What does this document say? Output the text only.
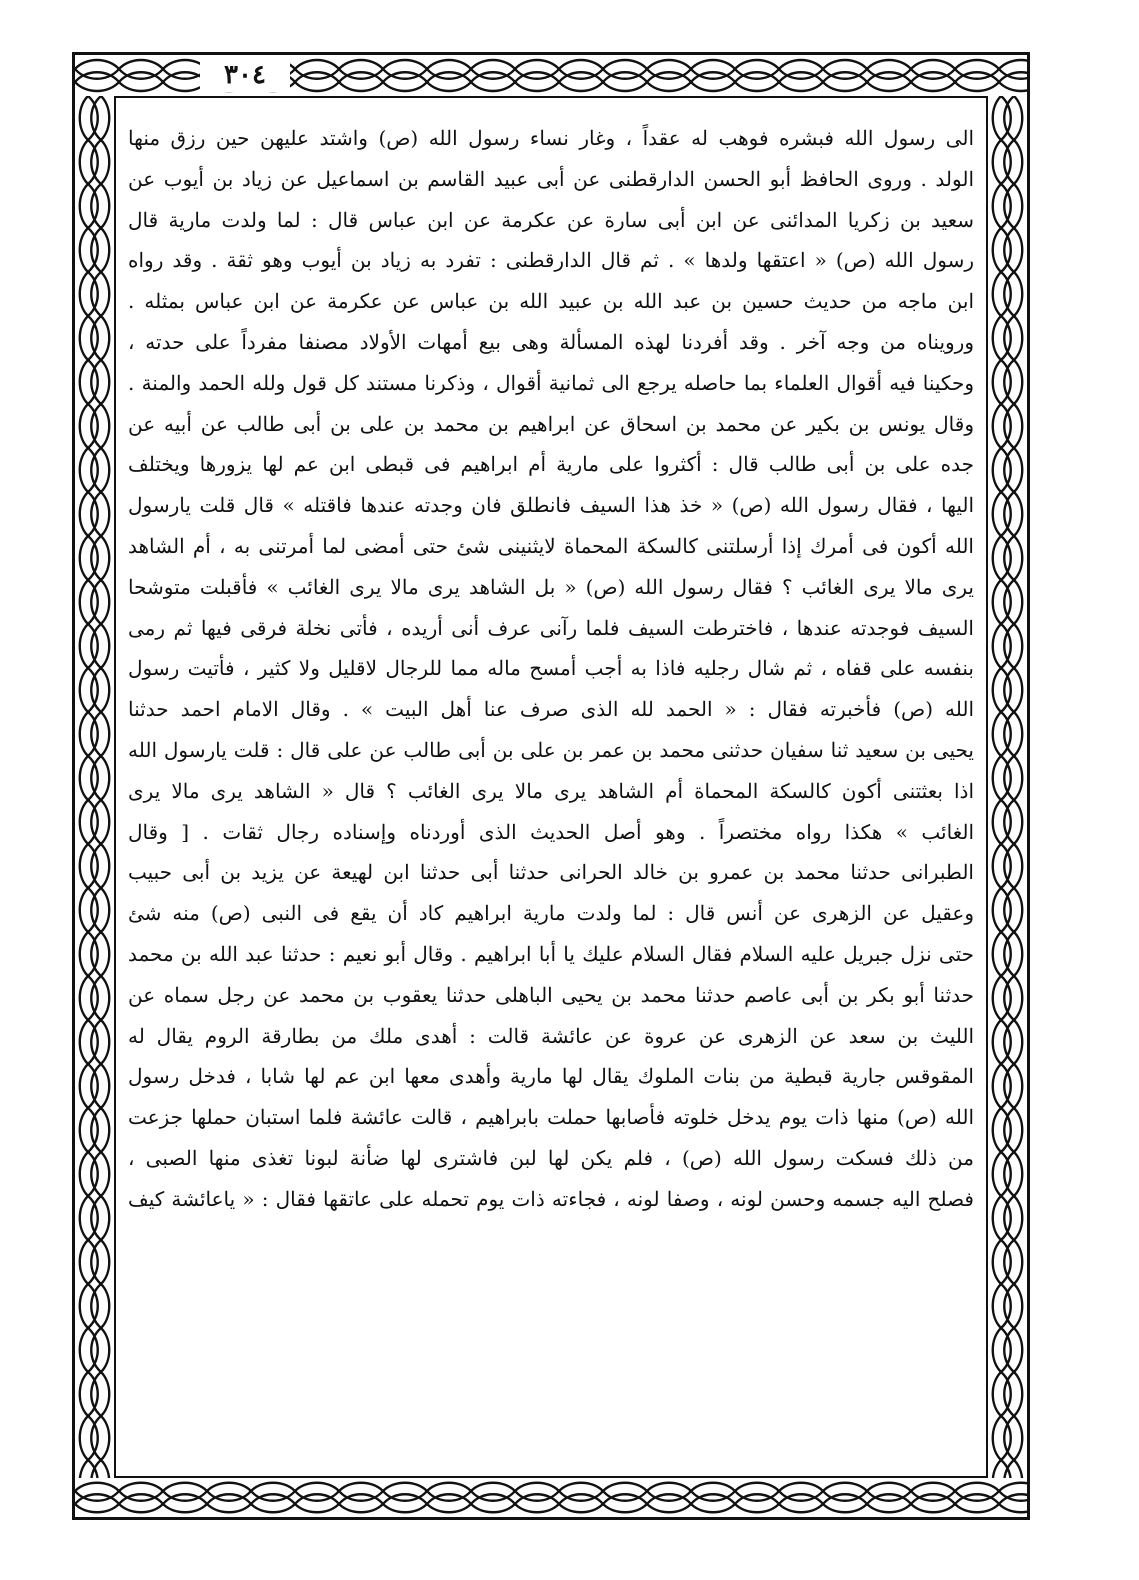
٣٠٤
الى رسول الله فبشره فوهب له عقداً ، وغار نساء رسول الله (ص) واشتد عليهن حين رزق منها
الولد . وروى الحافظ أبو الحسن الدارقطنى عن أبى عبيد القاسم بن اسماعيل عن زياد بن أيوب عن
سعيد بن زكريا المدائنى عن ابن أبى سارة عن عكرمة عن ابن عباس قال : لما ولدت مارية قال
رسول الله (ص) « اعتقها ولدها » . ثم قال الدارقطنى : تفرد به زياد بن أيوب وهو ثقة . وقد رواه
ابن ماجه من حديث حسين بن عبد الله بن عبيد الله بن عباس عن عكرمة عن ابن عباس بمثله .
ورويناه من وجه آخر . وقد أفردنا لهذه المسألة وهى بيع أمهات الأولاد مصنفا مفرداً على حدته ،
وحكينا فيه أقوال العلماء بما حاصله يرجع الى ثمانية أقوال ، وذكرنا مستند كل قول ولله الحمد والمنة .
وقال يونس بن بكير عن محمد بن اسحاق عن ابراهيم بن محمد بن على بن أبى طالب عن أبيه عن
جده على بن أبى طالب قال : أكثروا على مارية أم ابراهيم فى قبطى ابن عم لها يزورها ويختلف
اليها ، فقال رسول الله (ص) « خذ هذا السيف فانطلق فان وجدته عندها فاقتله » قال قلت يارسول
الله أكون فى أمرك إذا أرسلتنى كالسكة المحماة لايثنينى شئ حتى أمضى لما أمرتنى به ، أم الشاهد
يرى مالا يرى الغائب ؟ فقال رسول الله (ص) « بل الشاهد يرى مالا يرى الغائب » فأقبلت متوشحا
السيف فوجدته عندها ، فاخترطت السيف فلما رآنى عرف أنى أريده ، فأتى نخلة فرقى فيها ثم رمى
بنفسه على قفاه ، ثم شال رجليه فاذا به أجب أمسح ماله مما للرجال لاقليل ولا كثير ، فأتيت رسول
الله (ص) فأخبرته فقال : « الحمد لله الذى صرف عنا أهل البيت » . وقال الامام احمد حدثنا
يحيى بن سعيد ثنا سفيان حدثنى محمد بن عمر بن على بن أبى طالب عن على قال : قلت يارسول الله
اذا بعثتنى أكون كالسكة المحماة أم الشاهد يرى مالا يرى الغائب ؟ قال « الشاهد يرى مالا يرى
الغائب » هكذا رواه مختصراً . وهو أصل الحديث الذى أوردناه وإسناده رجال ثقات . [ وقال
الطبرانى حدثنا محمد بن عمرو بن خالد الحرانى حدثنا أبى حدثنا ابن لهيعة عن يزيد بن أبى حبيب
وعقيل عن الزهرى عن أنس قال : لما ولدت مارية ابراهيم كاد أن يقع فى النبى (ص) منه شئ
حتى نزل جبريل عليه السلام فقال السلام عليك يا أبا ابراهيم . وقال أبو نعيم : حدثنا عبد الله بن محمد
حدثنا أبو بكر بن أبى عاصم حدثنا محمد بن يحيى الباهلى حدثنا يعقوب بن محمد عن رجل سماه عن
الليث بن سعد عن الزهرى عن عروة عن عائشة قالت : أهدى ملك من بطارقة الروم يقال له
المقوقس جارية قبطية من بنات الملوك يقال لها مارية وأهدى معها ابن عم لها شابا ، فدخل رسول
الله (ص) منها ذات يوم يدخل خلوته فأصابها حملت بابراهيم ، قالت عائشة فلما استبان حملها جزعت
من ذلك فسكت رسول الله (ص) ، فلم يكن لها لبن فاشترى لها ضأنة لبونا تغذى منها الصبى ،
فصلح اليه جسمه وحسن لونه ، وصفا لونه ، فجاءته ذات يوم تحمله على عاتقها فقال : « ياعائشة كيف
